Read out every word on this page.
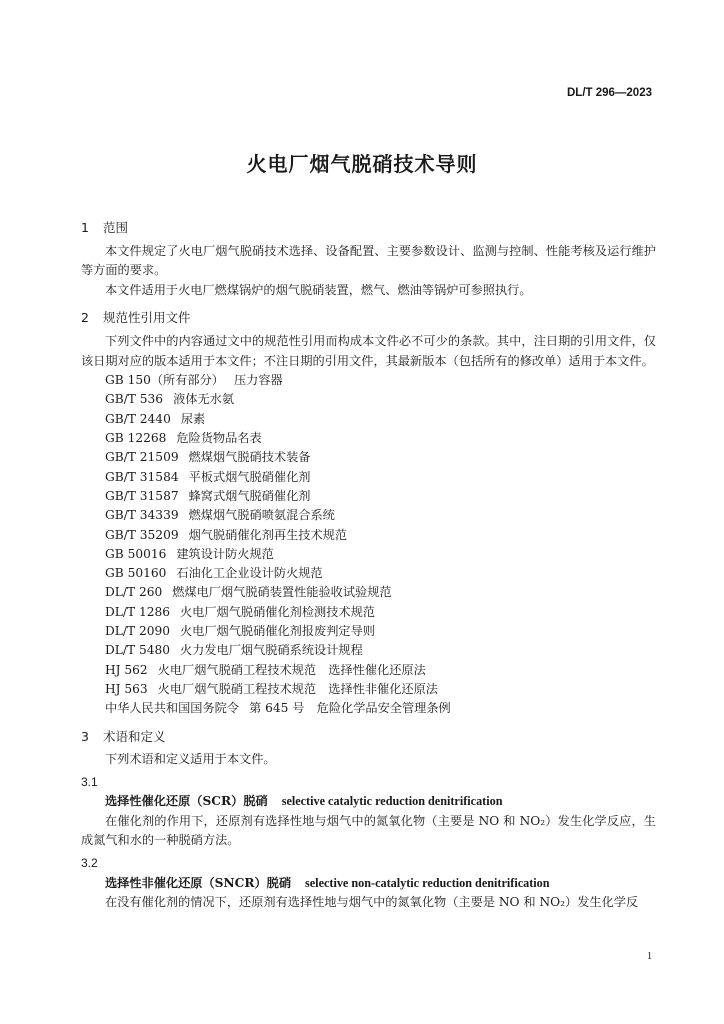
DL/T 296—2023
火电厂烟气脱硝技术导则
1 范围

本文件规定了火电厂烟气脱硝技术选择、设备配置、主要参数设计、监测与控制、性能考核及运行维护等方面的要求。

本文件适用于火电厂燃煤锅炉的烟气脱硝装置，燃气、燃油等锅炉可参照执行。

2 规范性引用文件

下列文件中的内容通过文中的规范性引用而构成本文件必不可少的条款。其中，注日期的引用文件，仅该日期对应的版本适用于本文件；不注日期的引用文件，其最新版本（包括所有的修改单）适用于本文件。

GB 150（所有部分） 压力容器
GB/T 536 液体无水氨
GB/T 2440 尿素
GB 12268 危险货物品名表
GB/T 21509 燃煤烟气脱硝技术装备
GB/T 31584 平板式烟气脱硝催化剂
GB/T 31587 蜂窝式烟气脱硝催化剂
GB/T 34339 燃煤烟气脱硝喷氨混合系统
GB/T 35209 烟气脱硝催化剂再生技术规范
GB 50016 建筑设计防火规范
GB 50160 石油化工企业设计防火规范
DL/T 260 燃煤电厂烟气脱硝装置性能验收试验规范
DL/T 1286 火电厂烟气脱硝催化剂检测技术规范
DL/T 2090 火电厂烟气脱硝催化剂报废判定导则
DL/T 5480 火力发电厂烟气脱硝系统设计规程
HJ 562 火电厂烟气脱硝工程技术规范　选择性催化还原法
HJ 563 火电厂烟气脱硝工程技术规范　选择性非催化还原法
中华人民共和国国务院令 第 645 号　危险化学品安全管理条例
3 术语和定义

下列术语和定义适用于本文件。

3.1
选择性催化还原（SCR）脱硝 selective catalytic reduction denitrification

在催化剂的作用下，还原剂有选择性地与烟气中的氮氧化物（主要是 NO 和 NO₂）发生化学反应，生成氮气和水的一种脱硝方法。

3.2
选择性非催化还原（SNCR）脱硝 selective non-catalytic reduction denitrification

在没有催化剂的情况下，还原剂有选择性地与烟气中的氮氧化物（主要是 NO 和 NO₂）发生化学反

1
